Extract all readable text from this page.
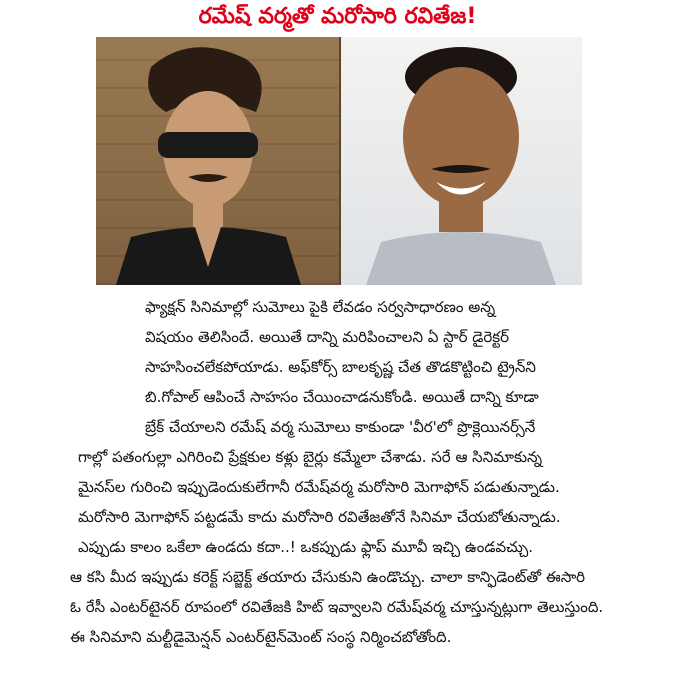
రమేష్ వర్మతో మరోసారి రవితేజ!
ఫ్యాక్షన్ సినిమాల్లో సుమోలు పైకి లేవడం సర్వసాధారణం అన్న
విషయం తెలిసిందే. అయితే దాన్ని మరిపించాలని ఏ స్టార్ డైరెక్టర్
సాహసించలేకపోయాడు. అఫ్‌కోర్స్ బాలకృష్ణ చేత తొడకొట్టించి ట్రైన్‌ని
బి.గోపాల్ ఆపించే సాహసం చేయించాడనుకోండి. అయితే దాన్ని కూడా
బ్రేక్ చేయాలని రమేష్ వర్మ సుమోలు కాకుండా 'వీర'లో ప్రొక్లెయినర్స్‌నే
గాల్లో పతంగుల్లా ఎగిరించి ప్రేక్షకుల కళ్లు బైర్లు కమ్మేలా చేశాడు. సరే ఆ సినిమాకున్న
మైనస్‌ల గురించి ఇప్పుడెందుకులేగానీ రమేష్‌వర్మ మరోసారి మెగాఫోన్ పడుతున్నాడు.
మరోసారి మెగాఫోన్ పట్టడమే కాదు మరోసారి రవితేజతోనే సినిమా చేయబోతున్నాడు.
ఎప్పుడు కాలం ఒకేలా ఉండదు కదా..! ఒకప్పుడు ఫ్లాప్ మూవీ ఇచ్చి ఉండవచ్చు.
ఆ కసి మీద ఇప్పుడు కరెక్ట్ సబ్జెక్ట్ తయారు చేసుకుని ఉండొచ్చు. చాలా కాన్ఫిడెంట్‌తో ఈసారి
ఓ రేసీ ఎంటర్‌టైనర్ రూపంలో రవితేజకి హిట్ ఇవ్వాలని రమేష్‌వర్మ చూస్తున్నట్లుగా తెలుస్తుంది.
ఈ సినిమాని మల్టీడైమెన్షన్ ఎంటర్‌టైన్‌మెంట్ సంస్థ నిర్మించబోతోంది.
